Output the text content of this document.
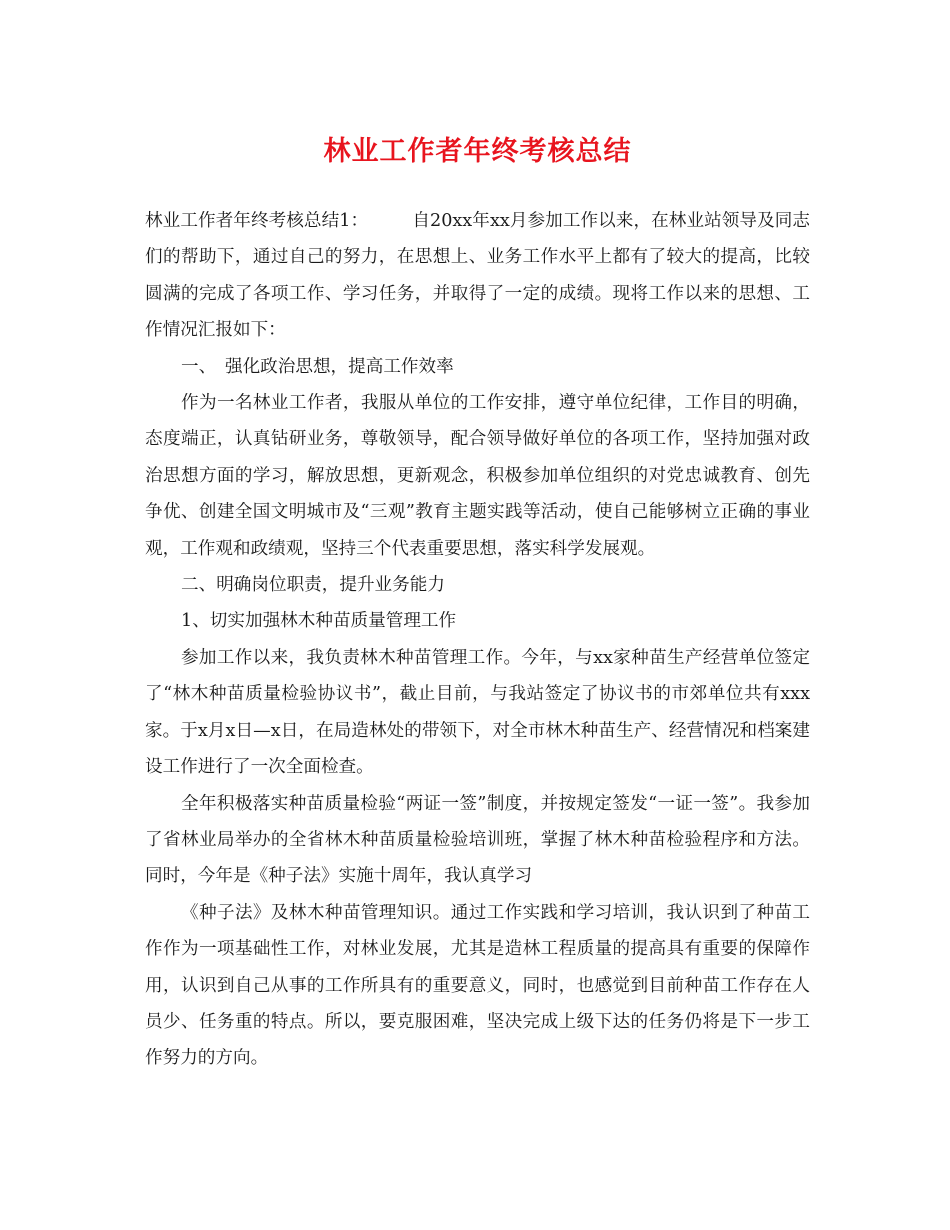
林业工作者年终考核总结

林业工作者年终考核总结1：　　　自20xx年xx月参加工作以来，在林业站领导及同志们的帮助下，通过自己的努力，在思想上、业务工作水平上都有了较大的提高，比较圆满的完成了各项工作、学习任务，并取得了一定的成绩。现将工作以来的思想、工作情况汇报如下：

一、　强化政治思想，提高工作效率

作为一名林业工作者，我服从单位的工作安排，遵守单位纪律，工作目的明确，态度端正，认真钻研业务，尊敬领导，配合领导做好单位的各项工作，坚持加强对政治思想方面的学习，解放思想，更新观念，积极参加单位组织的对党忠诚教育、创先争优、创建全国文明城市及“三观”教育主题实践等活动，使自己能够树立正确的事业观，工作观和政绩观，坚持三个代表重要思想，落实科学发展观。

二、明确岗位职责，提升业务能力

1、切实加强林木种苗质量管理工作

参加工作以来，我负责林木种苗管理工作。今年，与xx家种苗生产经营单位签定了“林木种苗质量检验协议书”，截止目前，与我站签定了协议书的市郊单位共有xxx家。于x月x日—x日，在局造林处的带领下，对全市林木种苗生产、经营情况和档案建设工作进行了一次全面检查。

全年积极落实种苗质量检验“两证一签”制度，并按规定签发“一证一签”。我参加了省林业局举办的全省林木种苗质量检验培训班，掌握了林木种苗检验程序和方法。同时，今年是《种子法》实施十周年，我认真学习

《种子法》及林木种苗管理知识。通过工作实践和学习培训，我认识到了种苗工作作为一项基础性工作，对林业发展，尤其是造林工程质量的提高具有重要的保障作用，认识到自己从事的工作所具有的重要意义，同时，也感觉到目前种苗工作存在人员少、任务重的特点。所以，要克服困难，坚决完成上级下达的任务仍将是下一步工作努力的方向。
